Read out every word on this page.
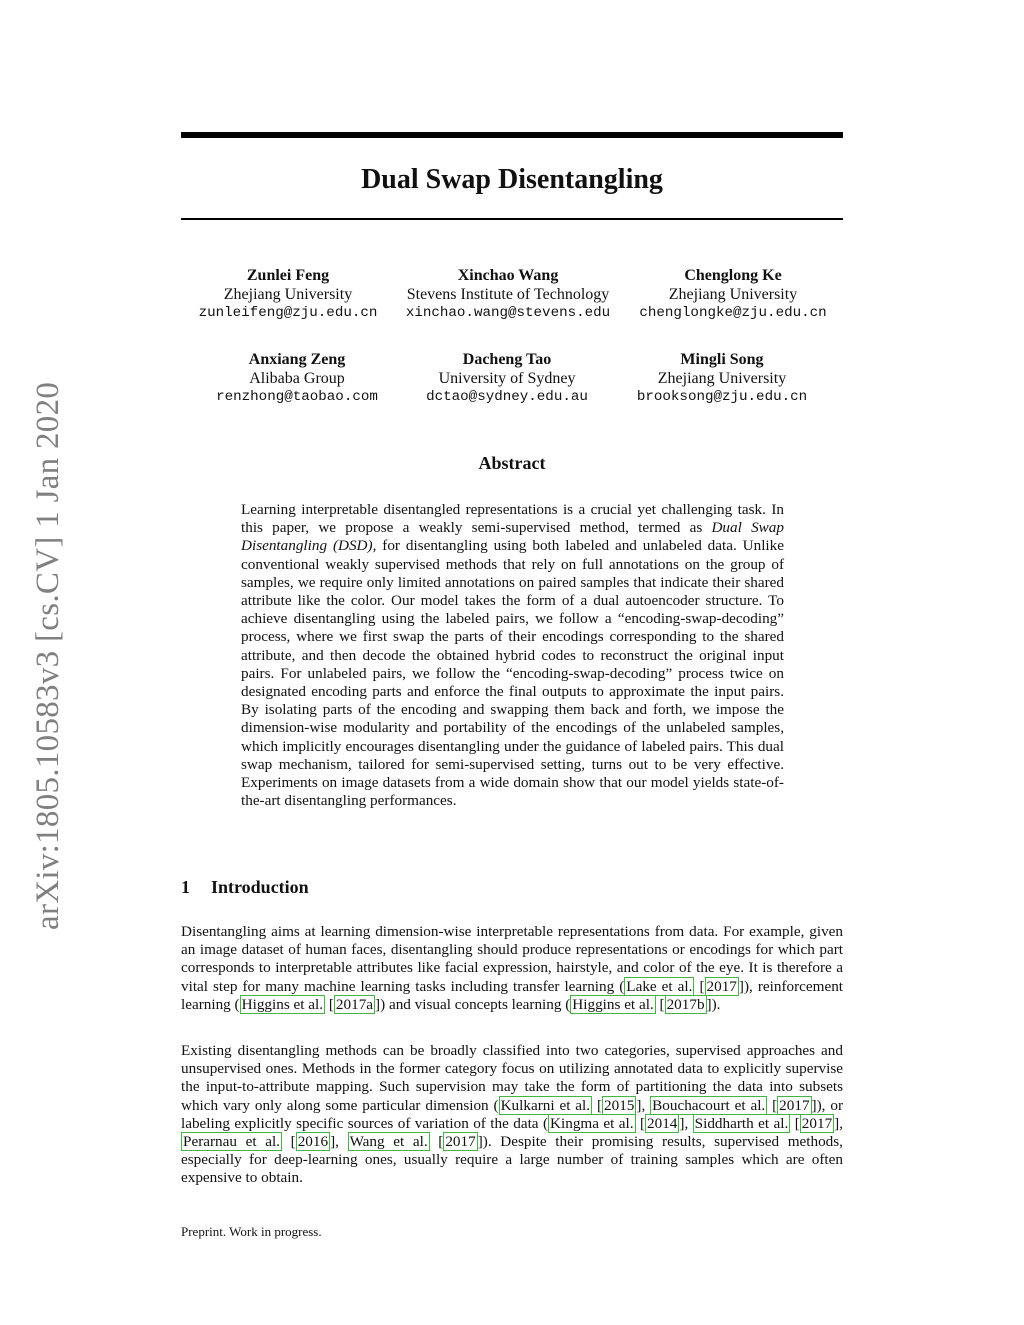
arXiv:1805.10583v3 [cs.CV] 1 Jan 2020
Dual Swap Disentangling
Zunlei Feng
Zhejiang University
zunleifeng@zju.edu.cn
Xinchao Wang
Stevens Institute of Technology
xinchao.wang@stevens.edu
Chenglong Ke
Zhejiang University
chenglongke@zju.edu.cn
Anxiang Zeng
Alibaba Group
renzhong@taobao.com
Dacheng Tao
University of Sydney
dctao@sydney.edu.au
Mingli Song
Zhejiang University
brooksong@zju.edu.cn
Abstract
Learning interpretable disentangled representations is a crucial yet challenging task. In this paper, we propose a weakly semi-supervised method, termed as Dual Swap Disentangling (DSD), for disentangling using both labeled and unlabeled data. Unlike conventional weakly supervised methods that rely on full annotations on the group of samples, we require only limited annotations on paired samples that indicate their shared attribute like the color. Our model takes the form of a dual autoencoder structure. To achieve disentangling using the labeled pairs, we follow a “encoding-swap-decoding” process, where we first swap the parts of their encodings corresponding to the shared attribute, and then decode the obtained hybrid codes to reconstruct the original input pairs. For unlabeled pairs, we follow the “encoding-swap-decoding” process twice on designated encoding parts and enforce the final outputs to approximate the input pairs. By isolating parts of the encoding and swapping them back and forth, we impose the dimension-wise modularity and portability of the encodings of the unlabeled samples, which implicitly encourages disentangling under the guidance of labeled pairs. This dual swap mechanism, tailored for semi-supervised setting, turns out to be very effective. Experiments on image datasets from a wide domain show that our model yields state-of-the-art disentangling performances.
1 Introduction
Disentangling aims at learning dimension-wise interpretable representations from data. For example, given an image dataset of human faces, disentangling should produce representations or encodings for which part corresponds to interpretable attributes like facial expression, hairstyle, and color of the eye. It is therefore a vital step for many machine learning tasks including transfer learning ( Lake et al. [ 2017 ]), reinforcement learning ( Higgins et al. [ 2017a ]) and visual concepts learning ( Higgins et al. [ 2017b ]).
Existing disentangling methods can be broadly classified into two categories, supervised approaches and unsupervised ones. Methods in the former category focus on utilizing annotated data to explicitly supervise the input-to-attribute mapping. Such supervision may take the form of partitioning the data into subsets which vary only along some particular dimension ( Kulkarni et al. [ 2015 ], Bouchacourt et al. [ 2017 ]), or labeling explicitly specific sources of variation of the data ( Kingma et al. [ 2014 ], Siddharth et al. [ 2017 ], Perarnau et al. [ 2016 ], Wang et al. [ 2017 ]). Despite their promising results, supervised methods, especially for deep-learning ones, usually require a large number of training samples which are often expensive to obtain.
Preprint. Work in progress.
